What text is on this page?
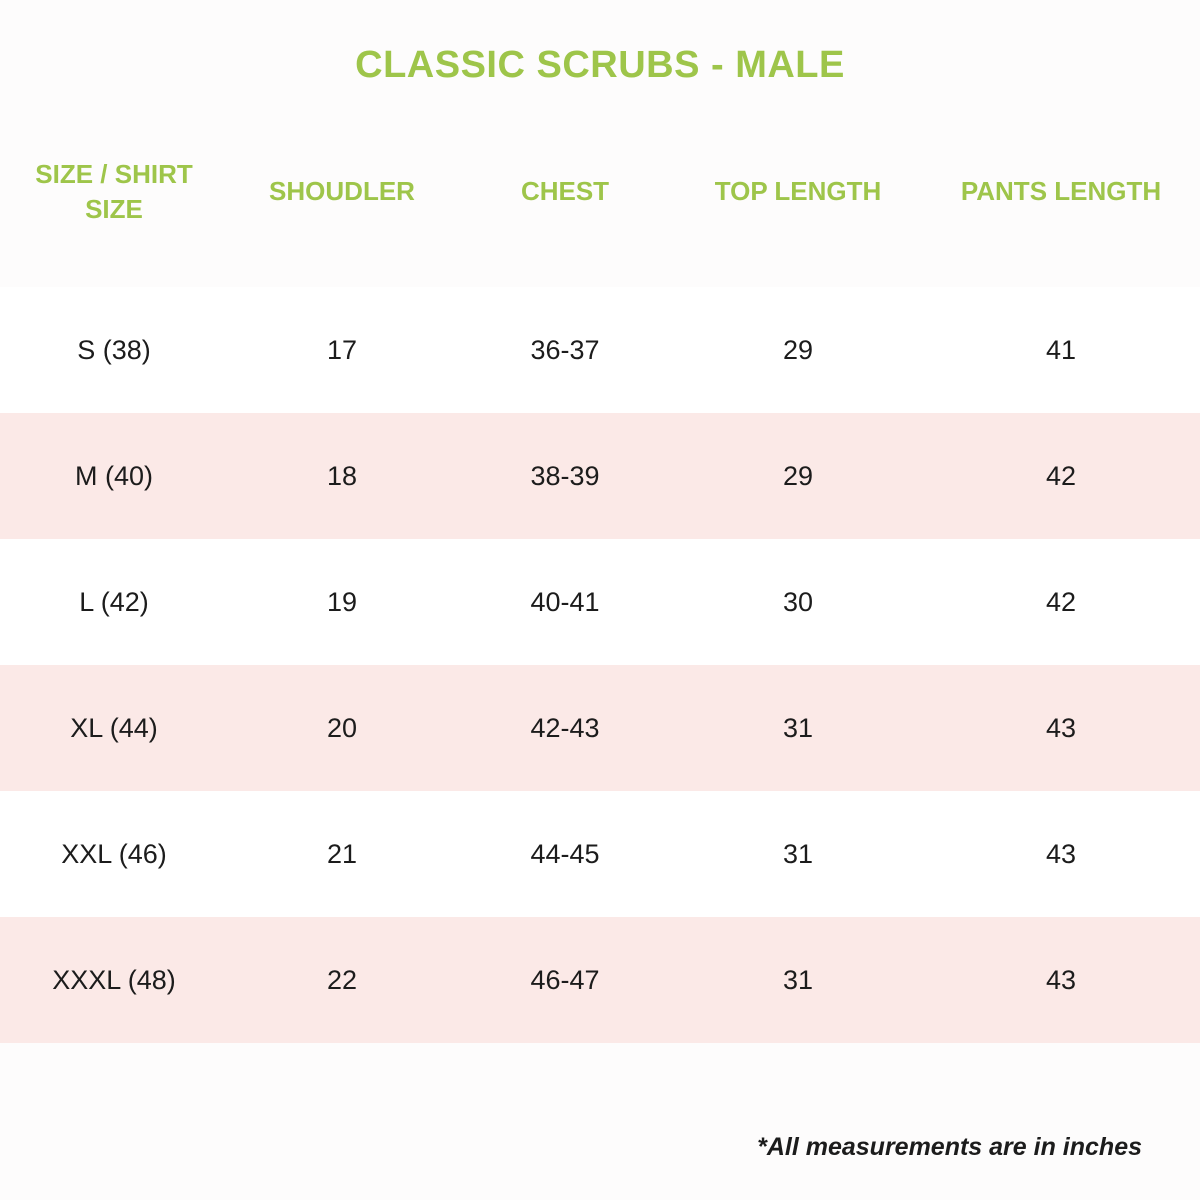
CLASSIC SCRUBS - MALE
SIZE / SHIRT SIZE	SHOUDLER	CHEST	TOP LENGTH	PANTS LENGTH
S (38)	17	36-37	29	41
M (40)	18	38-39	29	42
L (42)	19	40-41	30	42
XL (44)	20	42-43	31	43
XXL (46)	21	44-45	31	43
XXXL (48)	22	46-47	31	43
*All measurements are in inches
